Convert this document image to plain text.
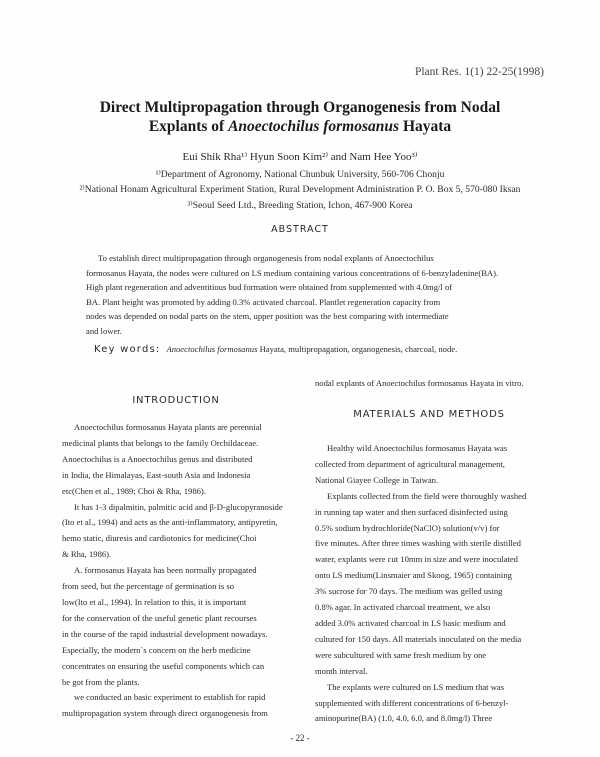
Plant Res. 1(1) 22-25(1998)
Direct Multipropagation through Organogenesis from Nodal
Explants of Anoectochilus formosanus Hayata
Eui Shik Rha¹⁾ Hyun Soon Kim²⁾ and Nam Hee Yoo³⁾
¹⁾Department of Agronomy, National Chunbuk University, 560-706 Chonju
²⁾National Honam Agricultural Experiment Station, Rural Development Administration P. O. Box 5, 570-080 Iksan
³⁾Seoul Seed Ltd., Breeding Station, Ichon, 467-900 Korea
ABSTRACT
To establish direct multipropagation through organogenesis from nodal explants of Anoectochilus
formosanus Hayata, the nodes were cultured on LS medium containing various concentrations of 6-benzyladenine(BA).
High plant regeneration and adventitious bud formation were obtained from supplemented with 4.0mg/l of
BA. Plant height was promoted by adding 0.3% activated charcoal. Plantlet regeneration capacity from
nodes was depended on nodal parts on the stem, upper position was the best comparing with intermediate
and lower.
Key words: Anoectochilus formosanus Hayata, multipropagation, organogenesis, charcoal, node.
INTRODUCTION
Anoectochilus formosanus Hayata plants are perennial
medicinal plants that belongs to the family Orchildaceae.
Anoectochilus is a Anoectochilus genus and distributed
in India, the Himalayas, East-south Asia and Indonesia
etc(Chen et al., 1989; Choi & Rha, 1986).
It has 1-3 dipalmitin, palmitic acid and β-D-glucopyranoside
(Ito et al., 1994) and acts as the anti-inflammatory, antipyretin,
hemo static, diuresis and cardiotonics for medicine(Choi
& Rha, 1986).
A. formosanus Hayata has been normally propagated
from seed, but the percentage of germination is so
low(Ito et al., 1994). In relation to this, it is important
for the conservation of the useful genetic plant recourses
in the course of the rapid industrial development nowadays.
Especially, the modern`s concern on the herb medicine
concentrates on ensuring the useful components which can
be got from the plants.
we conducted an basic experiment to establish for rapid
multipropagation system through direct organogenesis from
nodal explants of Anoectochilus formosanus Hayata in vitro.
MATERIALS AND METHODS
Healthy wild Anoectochilus formosanus Hayata was
collected from department of agricultural management,
National Giayee College in Taiwan.
Explants collected from the field were thoroughly washed
in running tap water and then surfaced disinfected using
0.5% sodium hydrochloride(NaClO) solution(v/v) for
five minutes. After three times washing with sterile distilled
water, explants were cut 10mm in size and were inoculated
onto LS medium(Linsmaier and Skoog, 1965) containing
3% sucrose for 70 days. The medium was gelled using
0.8% agar. In activated charcoal treatment, we also
added 3.0% activated charcoal in LS basic medium and
cultured for 150 days. All materials inoculated on the media
were subcultured with same fresh medium by one
month interval.
The explants were cultured on LS medium that was
supplemented with different concentrations of 6-benzyl-
aminopurine(BA) (1.0, 4.0, 6.0, and 8.0mg/l) Three
- 22 -
